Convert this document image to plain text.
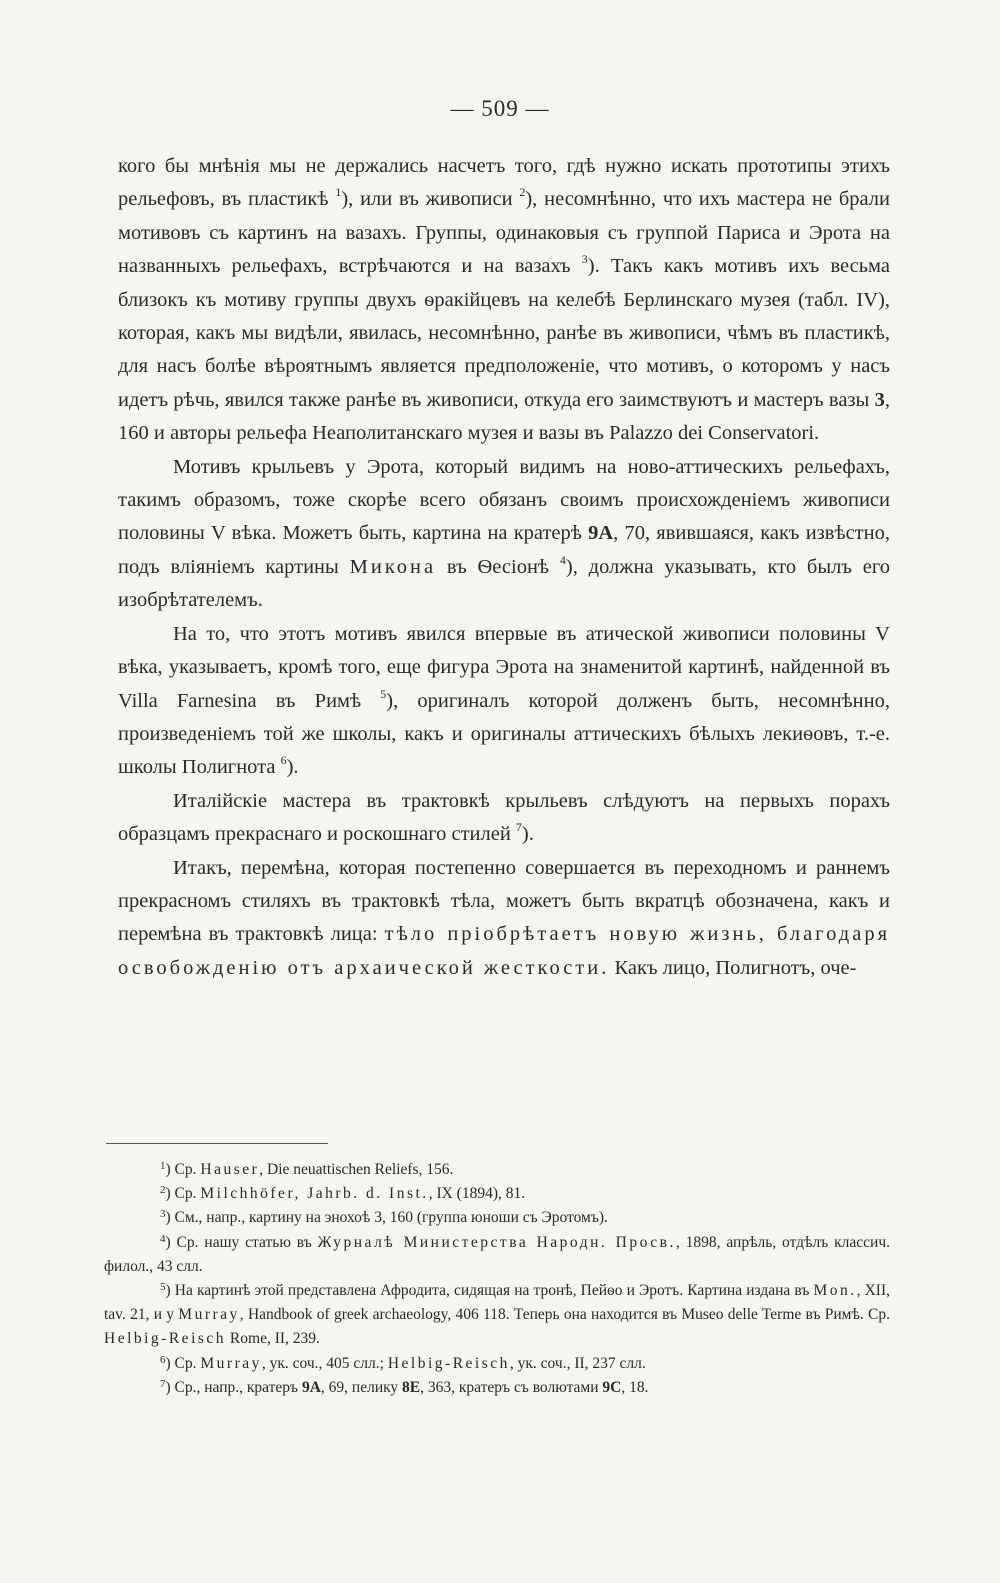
— 509 —

кого бы мнѣнія мы не держались насчетъ того, гдѣ нужно искать прототипы этихъ рельефовъ, въ пластикѣ $^1$), или въ живописи $^2$), несомнѣнно, что ихъ мастера не брали мотивовъ съ картинъ на вазахъ. Группы, одинаковыя съ группой Париса и Эрота на названныхъ рельефахъ, встрѣчаются и на вазахъ $^3$). Такъ какъ мотивъ ихъ весьма близокъ къ мотиву группы двухъ ѳракійцевъ на келебѣ Берлинскаго музея (табл. IV), которая, какъ мы видѣли, явилась, несомнѣнно, ранѣе въ живописи, чѣмъ въ пластикѣ, для насъ болѣе вѣроятнымъ является предположеніе, что мотивъ, о которомъ у насъ идетъ рѣчь, явился также ранѣе въ живописи, откуда его заимствуютъ и мастеръ вазы 3, 160 и авторы рельефа Неаполитанскаго музея и вазы въ Palazzo dei Conservatori.

Мотивъ крыльевъ у Эрота, который видимъ на ново-аттическихъ рельефахъ, такимъ образомъ, тоже скорѣе всего обязанъ своимъ происхожденіемъ живописи половины V вѣка. Можетъ быть, картина на кратерѣ 9А, 70, явившаяся, какъ извѣстно, подъ вліяніемъ картины Микона въ Ѳесіонѣ $^4$), должна указывать, кто былъ его изобрѣтателемъ.

На то, что этотъ мотивъ явился впервые въ атической живописи половины V вѣка, указываетъ, кромѣ того, еще фигура Эрота на знаменитой картинѣ, найденной въ Villa Farnesina въ Римѣ $^5$), оригиналъ которой долженъ быть, несомнѣнно, произведеніемъ той же школы, какъ и оригиналы аттическихъ бѣлыхъ лекиѳовъ, т.-е. школы Полигнота $^6$).

Италійскіе мастера въ трактовкѣ крыльевъ слѣдуютъ на первыхъ порахъ образцамъ прекраснаго и роскошнаго стилей $^7$).

Итакъ, перемѣна, которая постепенно совершается въ переходномъ и раннемъ прекрасномъ стиляхъ въ трактовкѣ тѣла, можетъ быть вкратцѣ обозначена, какъ и перемѣна въ трактовкѣ лица: тѣло пріобрѣтаетъ новую жизнь, благодаря освобожденію отъ архаической жесткости. Какъ лицо, Полигнотъ, оче-

$^1$) Ср. Hauser, Die neuattischen Reliefs, 156.

$^2$) Ср. Milchhöfer, Jahrb. d. Inst., IX (1894), 81.

$^3$) См., напр., картину на энохоѣ 3, 160 (группа юноши съ Эротомъ).

$^4$) Ср. нашу статью въ Журналѣ Министерства Народн. Просв., 1898, апрѣль, отдѣлъ классич. филол., 43 слл.

$^5$) На картинѣ этой представлена Афродита, сидящая на тронѣ, Пейѳо и Эротъ. Картина издана въ Mon., XII, tav. 21, и у Murray, Handbook of greek archaeology, 406 118. Теперь она находится въ Museo delle Terme въ Римѣ. Ср. Helbig-Reisch Rome, II, 239.

$^6$) Ср. Murray, ук. соч., 405 слл.; Helbig-Reisch, ук. соч., II, 237 слл.

$^7$) Ср., напр., кратеръ 9А, 69, пелику 8Е, 363, кратеръ съ волютами 9С, 18.
